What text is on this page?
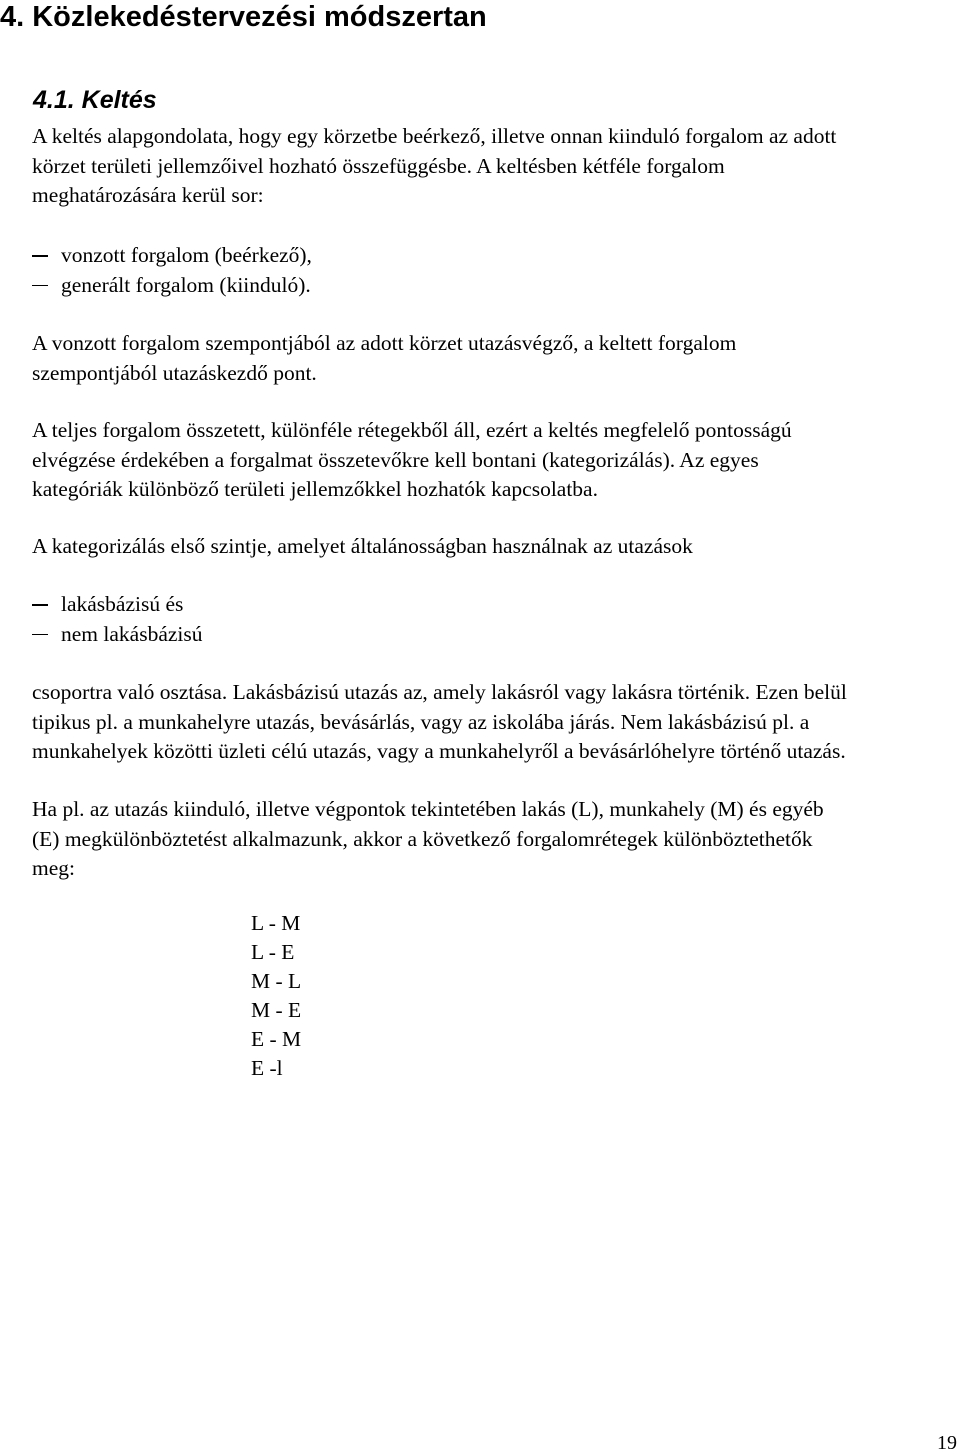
4. Közlekedéstervezési módszertan
4.1. Keltés

A keltés alapgondolata, hogy egy körzetbe beérkező, illetve onnan kiinduló forgalom az adott
körzet területi jellemzőivel hozható összefüggésbe. A keltésben kétféle forgalom
meghatározására kerül sor:

vonzott forgalom (beérkező),
generált forgalom (kiinduló).

A vonzott forgalom szempontjából az adott körzet utazásvégző, a keltett forgalom
szempontjából utazáskezdő pont.

A teljes forgalom összetett, különféle rétegekből áll, ezért a keltés megfelelő pontosságú
elvégzése érdekében a forgalmat összetevőkre kell bontani (kategorizálás). Az egyes
kategóriák különböző területi jellemzőkkel hozhatók kapcsolatba.

A kategorizálás első szintje, amelyet általánosságban használnak az utazások

lakásbázisú és
nem lakásbázisú

csoportra való osztása. Lakásbázisú utazás az, amely lakásról vagy lakásra történik. Ezen belül
tipikus pl. a munkahelyre utazás, bevásárlás, vagy az iskolába járás. Nem lakásbázisú pl. a
munkahelyek közötti üzleti célú utazás, vagy a munkahelyről a bevásárlóhelyre történő utazás.

Ha pl. az utazás kiinduló, illetve végpontok tekintetében lakás (L), munkahely (M) és egyéb
(E) megkülönböztetést alkalmazunk, akkor a következő forgalomrétegek különböztethetők
meg:

L - M
L - E
M - L
M - E
E - M
E -l
19
